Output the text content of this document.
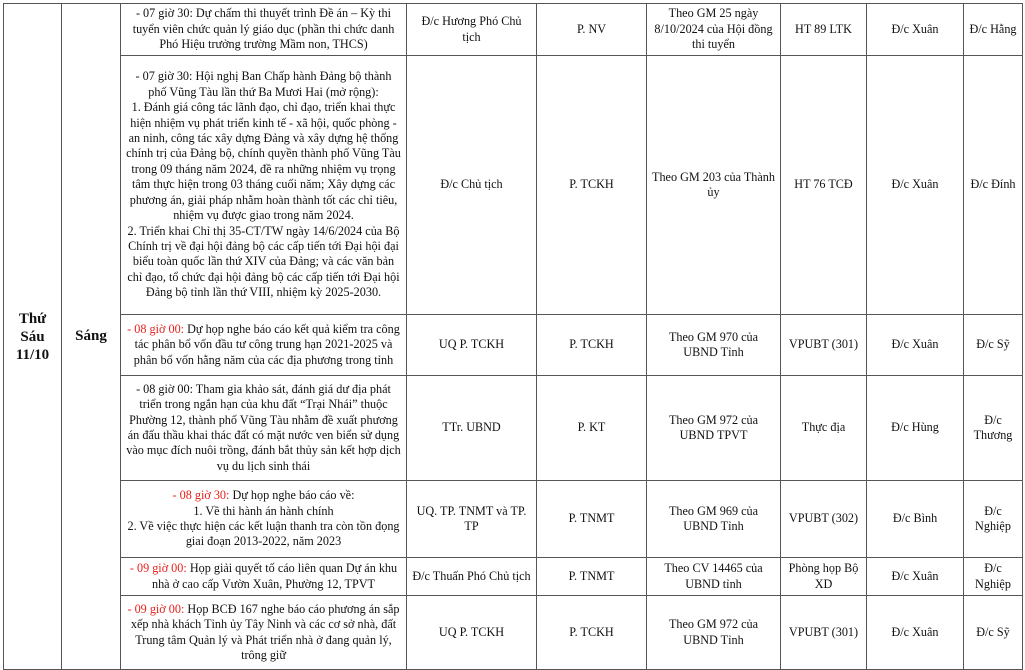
Thứ
Sáu
11/10	Sáng	- 07 giờ 30: Dự chấm thi thuyết trình Đề án – Kỳ thi tuyển viên chức quản lý giáo dục (phần thi chức danh Phó Hiệu trưởng trường Mầm non, THCS)	Đ/c Hương Phó Chủ tịch	P. NV	Theo GM 25 ngày 8/10/2024 của Hội đồng thi tuyển	HT 89 LTK	Đ/c Xuân	Đ/c Hằng

		- 07 giờ 30: Hội nghị Ban Chấp hành Đảng bộ thành phố Vũng Tàu lần thứ Ba Mươi Hai (mở rộng):
1. Đánh giá công tác lãnh đạo, chỉ đạo, triển khai thực hiện nhiệm vụ phát triển kinh tế - xã hội, quốc phòng - an ninh, công tác xây dựng Đảng và xây dựng hệ thống chính trị của Đảng bộ, chính quyền thành phố Vũng Tàu trong 09 tháng năm 2024, đề ra những nhiệm vụ trọng tâm thực hiện trong 03 tháng cuối năm; Xây dựng các phương án, giải pháp nhằm hoàn thành tốt các chỉ tiêu, nhiệm vụ được giao trong năm 2024.
2. Triển khai Chỉ thị 35-CT/TW ngày 14/6/2024 của Bộ Chính trị về đại hội đảng bộ các cấp tiến tới Đại hội đại biểu toàn quốc lần thứ XIV của Đảng; và các văn bản chỉ đạo, tổ chức đại hội đảng bộ các cấp tiến tới Đại hội Đảng bộ tỉnh lần thứ VIII, nhiệm kỳ 2025-2030.	Đ/c Chủ tịch	P. TCKH	Theo GM 203 của Thành ủy	HT 76 TCĐ	Đ/c Xuân	Đ/c Đính

		- 08 giờ 00: Dự họp nghe báo cáo kết quả kiểm tra công tác phân bổ vốn đầu tư công trung hạn 2021-2025 và phân bổ vốn hằng năm của các địa phương trong tỉnh	UQ P. TCKH	P. TCKH	Theo GM 970 của UBND Tỉnh	VPUBT (301)	Đ/c Xuân	Đ/c Sỹ

		- 08 giờ 00: Tham gia khảo sát, đánh giá dư địa phát triển trong ngắn hạn của khu đất “Trại Nhái” thuộc Phường 12, thành phố Vũng Tàu nhằm đề xuất phương án đấu thầu khai thác đất có mặt nước ven biển sử dụng vào mục đích nuôi trồng, đánh bắt thủy sản kết hợp dịch vụ du lịch sinh thái	TTr. UBND	P. KT	Theo GM 972 của UBND TPVT	Thực địa	Đ/c Hùng	Đ/c Thương

		- 08 giờ 30: Dự họp nghe báo cáo về:
1. Về thi hành án hành chính
2. Về việc thực hiện các kết luận thanh tra còn tồn đọng giai đoạn 2013-2022, năm 2023	UQ. TP. TNMT và TP. TP	P. TNMT	Theo GM 969 của UBND Tỉnh	VPUBT (302)	Đ/c Bình	Đ/c Nghiệp

		- 09 giờ 00: Họp giải quyết tố cáo liên quan Dự án khu nhà ở cao cấp Vườn Xuân, Phường 12, TPVT	Đ/c Thuấn Phó Chủ tịch	P. TNMT	Theo CV 14465 của UBND tỉnh	Phòng họp Bộ XD	Đ/c Xuân	Đ/c Nghiệp

		- 09 giờ 00: Họp BCĐ 167 nghe báo cáo phương án sắp xếp nhà khách Tỉnh ủy Tây Ninh và các cơ sở nhà, đất Trung tâm Quản lý và Phát triển nhà ở đang quản lý, trông giữ	UQ P. TCKH	P. TCKH	Theo GM 972 của UBND Tỉnh	VPUBT (301)	Đ/c Xuân	Đ/c Sỹ
